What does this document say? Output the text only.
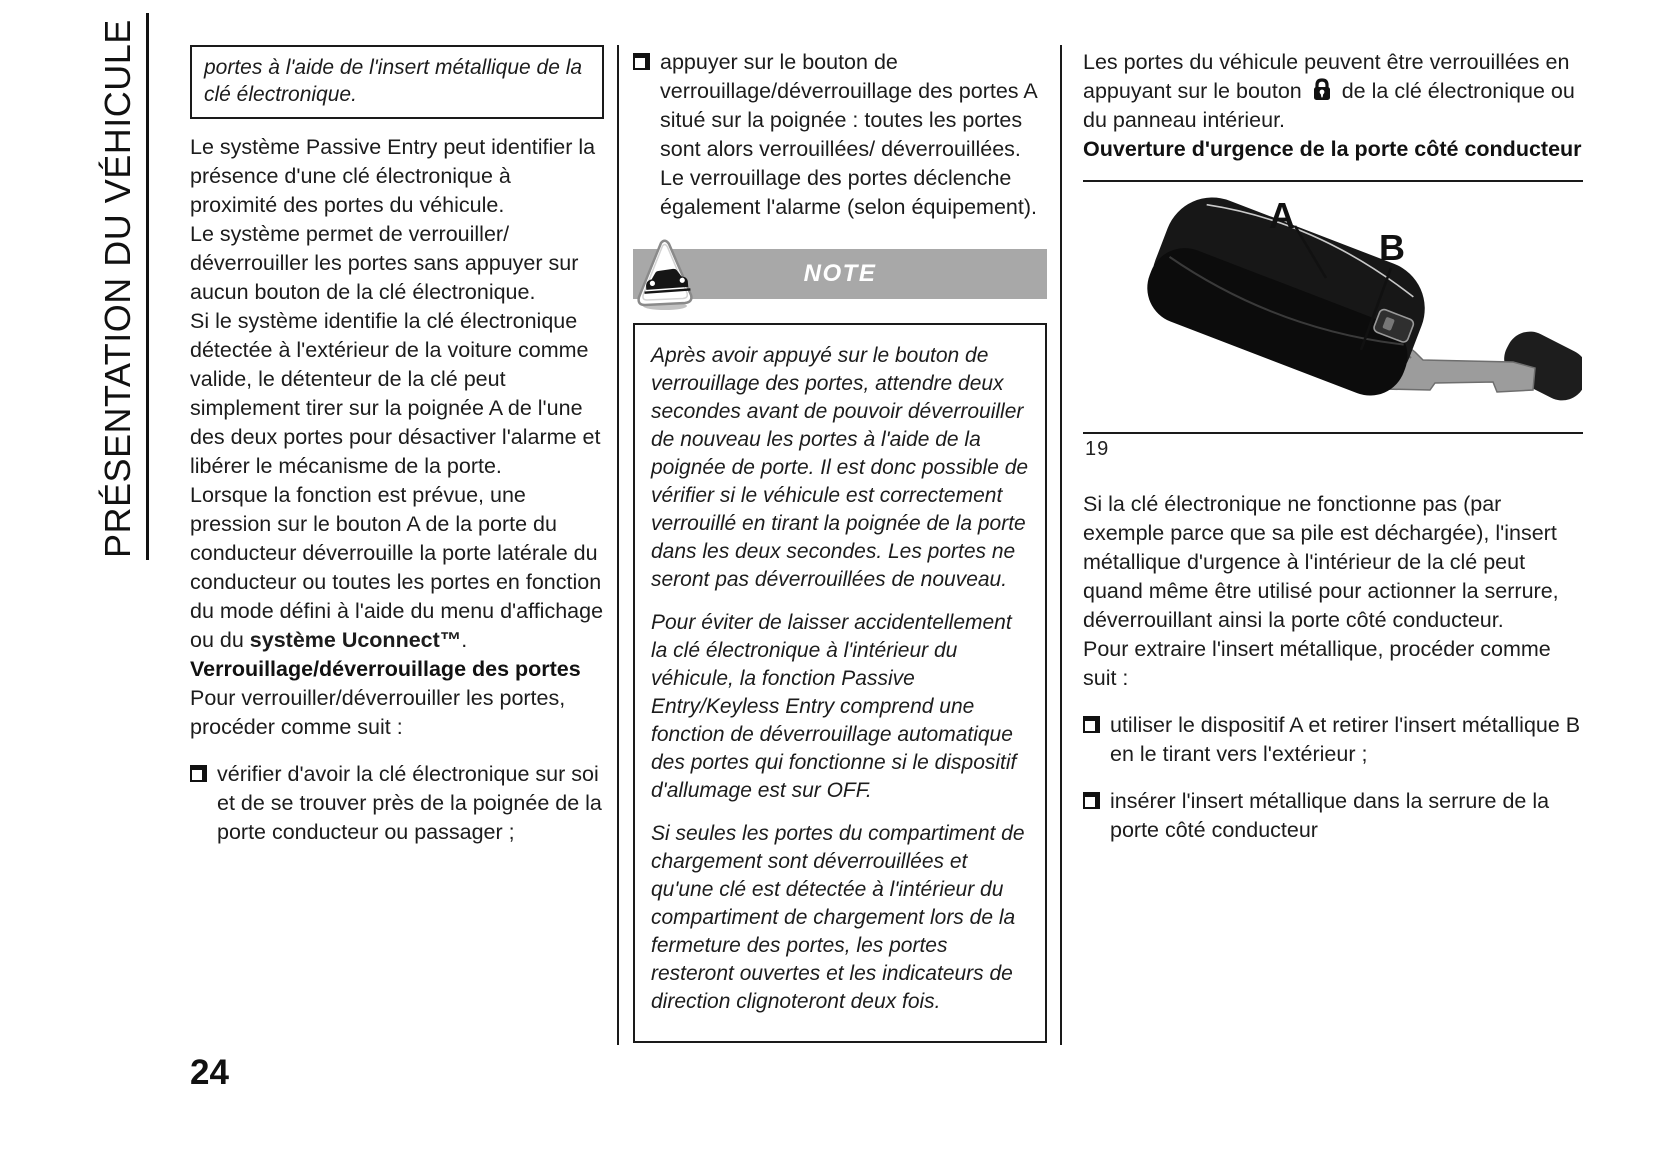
PRÉSENTATION DU VÉHICULE	portes à l'aide de l'insert métallique de la clé électronique.
Le système Passive Entry peut identifier la présence d'une clé électronique à proximité des portes du véhicule.
Le système permet de verrouiller/ déverrouiller les portes sans appuyer sur aucun bouton de la clé électronique.
Si le système identifie la clé électronique détectée à l'extérieur de la voiture comme valide, le détenteur de la clé peut simplement tirer sur la poignée A de l'une des deux portes pour désactiver l'alarme et libérer le mécanisme de la porte.
Lorsque la fonction est prévue, une pression sur le bouton A de la porte du conducteur déverrouille la porte latérale du conducteur ou toutes les portes en fonction du mode défini à l'aide du menu d'affichage ou du système Uconnect™.
Verrouillage/déverrouillage des portes
Pour verrouiller/déverrouiller les portes, procéder comme suit :
vérifier d'avoir la clé électronique sur soi et de se trouver près de la poignée de la porte conducteur ou passager ;
appuyer sur le bouton de verrouillage/déverrouillage des portes A situé sur la poignée : toutes les portes sont alors verrouillées/ déverrouillées. Le verrouillage des portes déclenche également l'alarme (selon équipement).
NOTE

Après avoir appuyé sur le bouton de verrouillage des portes, attendre deux secondes avant de pouvoir déverrouiller de nouveau les portes à l'aide de la poignée de porte. Il est donc possible de vérifier si le véhicule est correctement verrouillé en tirant la poignée de la porte dans les deux secondes. Les portes ne seront pas déverrouillées de nouveau.

Pour éviter de laisser accidentellement la clé électronique à l'intérieur du véhicule, la fonction Passive Entry/Keyless Entry comprend une fonction de déverrouillage automatique des portes qui fonctionne si le dispositif d'allumage est sur OFF.

Si seules les portes du compartiment de chargement sont déverrouillées et qu'une clé est détectée à l'intérieur du compartiment de chargement lors de la fermeture des portes, les portes resteront ouvertes et les indicateurs de direction clignoteront deux fois.

Les portes du véhicule peuvent être verrouillées en appuyant sur le bouton de la clé électronique ou du panneau intérieur.
Ouverture d'urgence de la porte côté conducteur
A
B
19
Si la clé électronique ne fonctionne pas (par exemple parce que sa pile est déchargée), l'insert métallique d'urgence à l'intérieur de la clé peut quand même être utilisé pour actionner la serrure, déverrouillant ainsi la porte côté conducteur.
Pour extraire l'insert métallique, procéder comme suit :
utiliser le dispositif A et retirer l'insert métallique B en le tirant vers l'extérieur ;
insérer l'insert métallique dans la serrure de la porte côté conducteur
24
